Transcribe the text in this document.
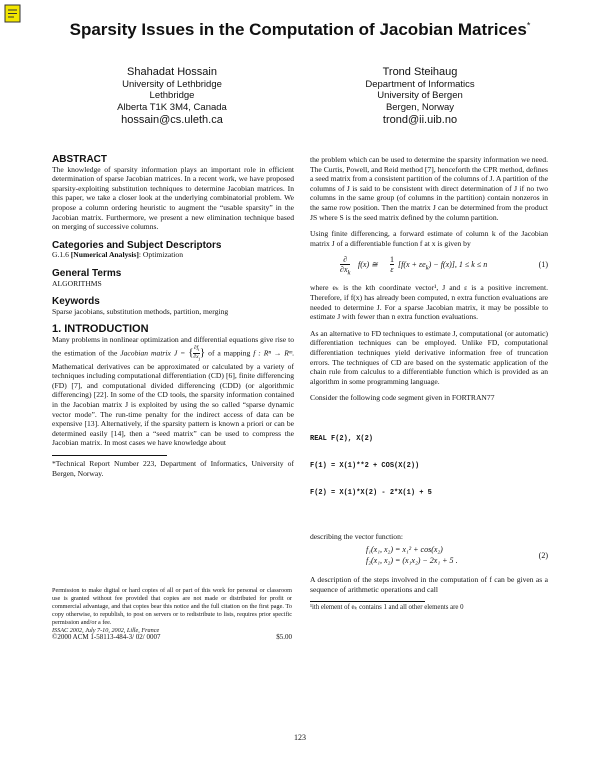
Sparsity Issues in the Computation of Jacobian Matrices*
Shahadat Hossain
University of Lethbridge
Lethbridge
Alberta T1K 3M4, Canada
hossain@cs.uleth.ca
Trond Steihaug
Department of Informatics
University of Bergen
Bergen, Norway
trond@ii.uib.no
ABSTRACT

The knowledge of sparsity information plays an important role in efficient determination of sparse Jacobian matrices. In a recent work, we have proposed sparsity-exploiting substitution techniques to determine Jacobian matrices. In this paper, we take a closer look at the underlying combinatorial problem. We propose a column ordering heuristic to augment the “usable sparsity” in the Jacobian matrix. Furthermore, we present a new elimination technique based on merging of successive columns.

Categories and Subject Descriptors

G.1.6 [Numerical Analysis]: Optimization

General Terms

ALGORITHMS

Keywords

Sparse jacobians, substitution methods, partition, merging

1. INTRODUCTION

Many problems in nonlinear optimization and differential equations give rise to the estimation of the Jacobian matrix J = { $\frac{\partial f_i}{\partial x_j}$ } of a mapping f : Rⁿ → Rᵐ. Mathematical derivatives can be approximated or calculated by a variety of techniques including computational differentiation (CD) [6], finite differencing (FD) [7], and computational divided differencing (CDD) (or algorithmic differencing) [22]. In some of the CD tools, the sparsity information contained in the Jacobian matrix J is exploited by using the so called “sparse dynamic vector mode”. The run-time penalty for the indirect access of data can be expensive [13]. Alternatively, if the sparsity pattern is known a priori or can be determined easily [14], then a “seed matrix” can be used to compress the Jacobian matrix. In most cases we have knowledge about

*Technical Report Number 223, Department of Informatics, University of Bergen, Norway.

Permission to make digital or hard copies of all or part of this work for personal or classroom use is granted without fee provided that copies are not made or distributed for profit or commercial advantage, and that copies bear this notice and the full citation on the first page. To copy otherwise, to republish, to post on servers or to redistribute to lists, requires prior specific permission and/or a fee.

ISSAC 2002, July 7-10, 2002, Lille, France

©2000 ACM 1-58113-484-3/ 02/ 0007	$5.00

the problem which can be used to determine the sparsity information we need. The Curtis, Powell, and Reid method [7], henceforth the CPR method, defines a seed matrix from a consistent partition of the columns of J. A partition of the columns of J is said to be consistent with direct determination of J if no two columns in the same group (of columns in the partition) contain nonzeros in the same row position. Then the matrix J can be determined from the product JS where S is the seed matrix defined by the column partition.

Using finite differencing, a forward estimate of column k of the Jacobian matrix J of a differentiable function f at x is given by

∂
$\partial x_k$
f(x) ≅
1
ε
$[f(x + \varepsilon e_k) - f(x)]$, 1 ≤ k ≤ n	(1)

where eₖ is the kth coordinate vector¹, J and ε is a positive increment. Therefore, if f(x) has already been computed, n extra function evaluations are needed to determine J. For a sparse Jacobian matrix, it may be possible to estimate J with fewer than n extra function evaluations.

As an alternative to FD techniques to estimate J, computational (or automatic) differentiation techniques can be employed. Unlike FD, computational differentiation techniques yield derivative information free of truncation errors. The techniques of CD are based on the systematic application of the chain rule from calculus to a differentiable function which is provided as an algorithm in some programming language.

Consider the following code segment given in FORTRAN77

REAL F(2), X(2)

F(1) = X(1)**2 + COS(X(2))

F(2) = X(1)*X(2) - 2*X(1) + 5

describing the vector function:

f₁(x₁, x₂) = x₁² + cos(x₂)
f₂(x₁, x₂) = (x₁x₂) − 2x₁ + 5 .
(2)

A description of the steps involved in the computation of f can be given as a sequence of arithmetic operations and call

¹ith element of eₖ contains 1 and all other elements are 0

123
